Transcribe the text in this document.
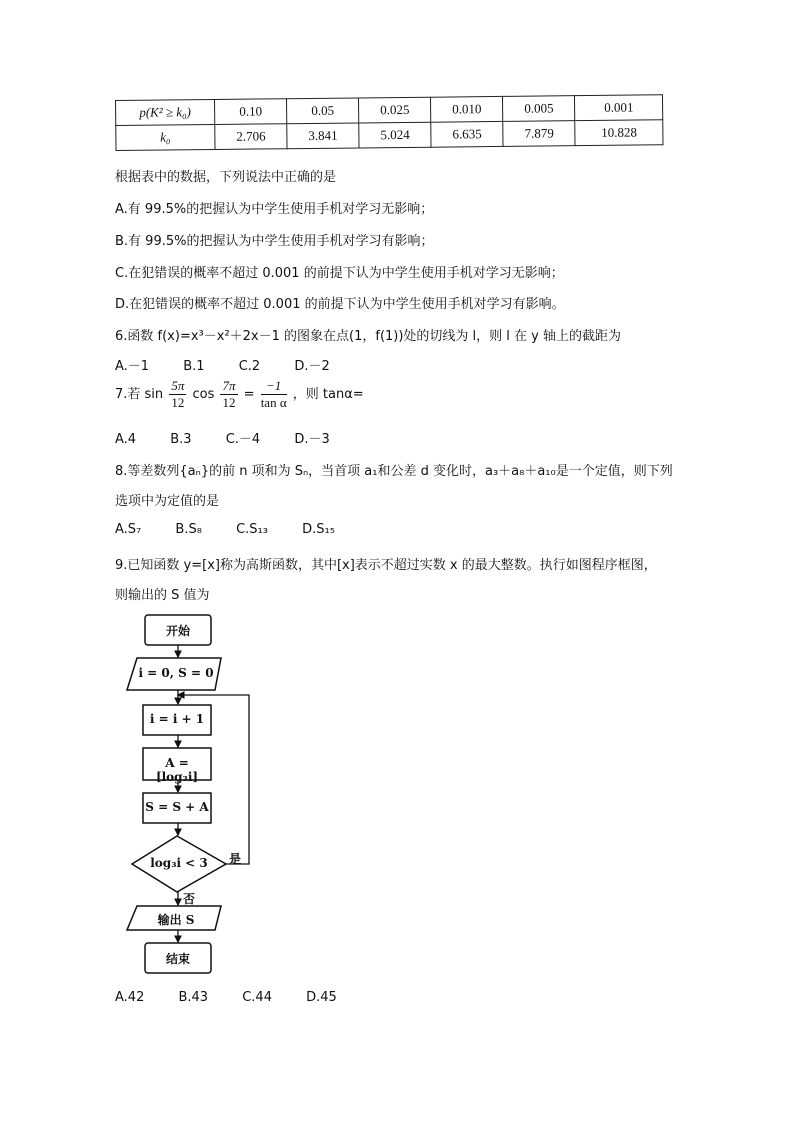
p(K² ≥ k₀)	0.10	0.05	0.025	0.010	0.005	0.001
k₀	2.706	3.841	5.024	6.635	7.879	10.828
根据表中的数据，下列说法中正确的是
A.有 99.5%的把握认为中学生使用手机对学习无影响；
B.有 99.5%的把握认为中学生使用手机对学习有影响；
C.在犯错误的概率不超过 0.001 的前提下认为中学生使用手机对学习无影响；
D.在犯错误的概率不超过 0.001 的前提下认为中学生使用手机对学习有影响。
6.函数 f(x)=x³－x²＋2x－1 的图象在点(1，f(1))处的切线为 l，则 l 在 y 轴上的截距为
A.－1	B.1	C.2	D.－2
7.若 $\sin \frac{5\pi}{12}$ $\cos \frac{7\pi}{12} = \frac{-1}{\text{tan α}}$ ，则 tanα=
A.4	B.3	C.－4	D.－3
8.等差数列{aₙ}的前 n 项和为 Sₙ，当首项 a₁和公差 d 变化时，a₃＋a₈＋a₁₀是一个定值，则下列
选项中为定值的是
A.S₇	B.S₈	C.S₁₃	D.S₁₅
9.已知函数 y=[x]称为高斯函数，其中[x]表示不超过实数 x 的最大整数。执行如图程序框图，
则输出的 S 值为
开始
i = 0, S = 0
i = i + 1
A = [log₃i]
S = S + A
log₃i < 3	是
否
输出 S
结束
A.42	B.43	C.44	D.45
